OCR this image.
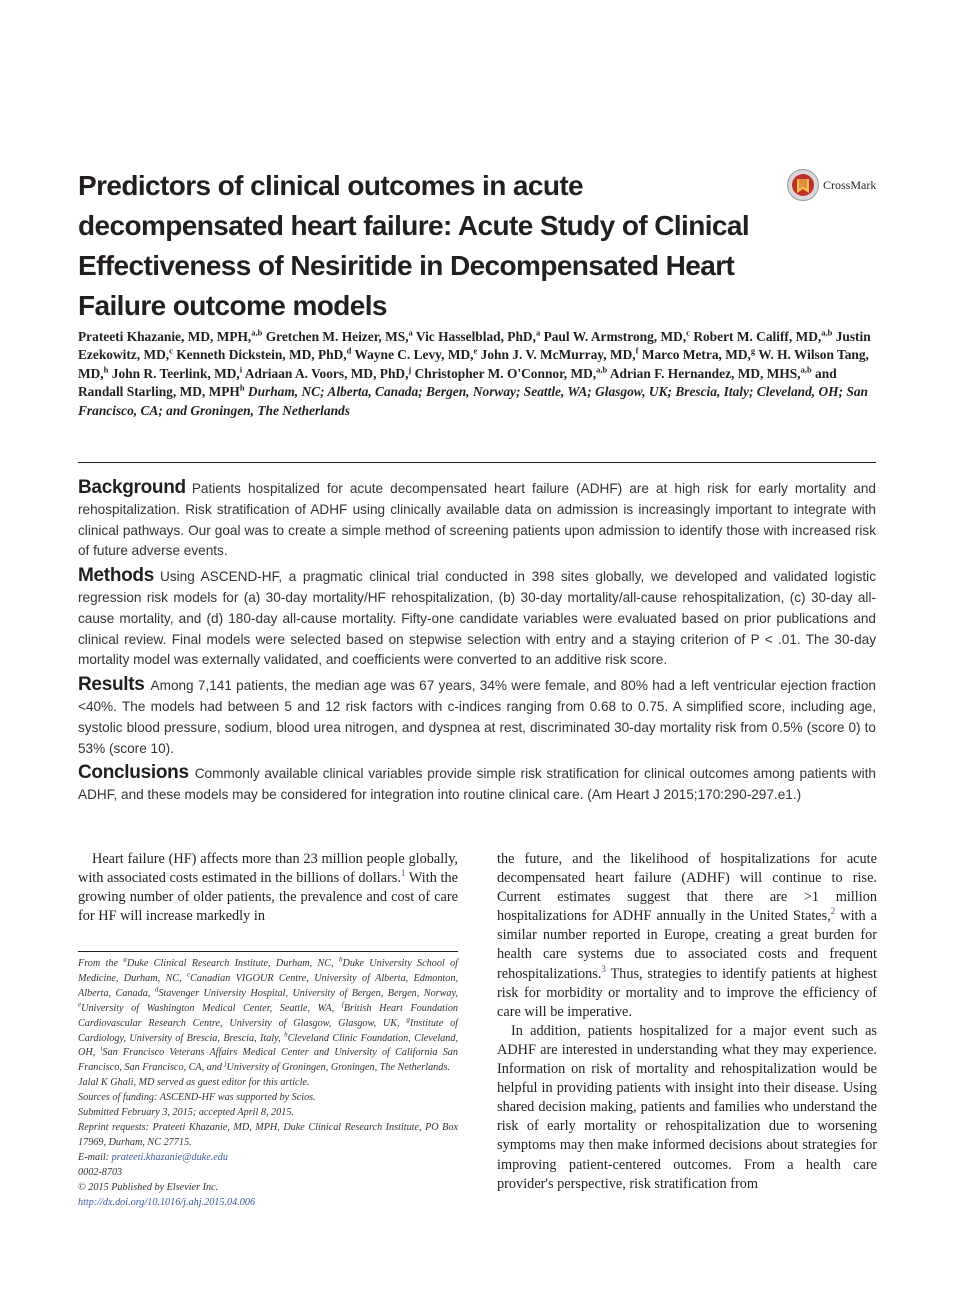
Predictors of clinical outcomes in acute decompensated heart failure: Acute Study of Clinical Effectiveness of Nesiritide in Decompensated Heart Failure outcome models
CrossMark

Prateeti Khazanie, MD, MPH,$^{a,b}$ Gretchen M. Heizer, MS,$^a$ Vic Hasselblad, PhD,$^a$ Paul W. Armstrong, MD,$^c$ Robert M. Califf, MD,$^{a,b}$ Justin Ezekowitz, MD,$^c$ Kenneth Dickstein, MD, PhD,$^d$ Wayne C. Levy, MD,$^e$ John J. V. McMurray, MD,$^f$ Marco Metra, MD,$^g$ W. H. Wilson Tang, MD,$^h$ John R. Teerlink, MD,$^i$ Adriaan A. Voors, MD, PhD,$^j$ Christopher M. O'Connor, MD,$^{a,b}$ Adrian F. Hernandez, MD, MHS,$^{a,b}$ and Randall Starling, MD, MPH$^h$ Durham, NC; Alberta, Canada; Bergen, Norway; Seattle, WA; Glasgow, UK; Brescia, Italy; Cleveland, OH; San Francisco, CA; and Groningen, The Netherlands

Background Patients hospitalized for acute decompensated heart failure (ADHF) are at high risk for early mortality and rehospitalization. Risk stratification of ADHF using clinically available data on admission is increasingly important to integrate with clinical pathways. Our goal was to create a simple method of screening patients upon admission to identify those with increased risk of future adverse events.

Methods Using ASCEND-HF, a pragmatic clinical trial conducted in 398 sites globally, we developed and validated logistic regression risk models for (a) 30-day mortality/HF rehospitalization, (b) 30-day mortality/all-cause rehospitalization, (c) 30-day all-cause mortality, and (d) 180-day all-cause mortality. Fifty-one candidate variables were evaluated based on prior publications and clinical review. Final models were selected based on stepwise selection with entry and a staying criterion of P < .01. The 30-day mortality model was externally validated, and coefficients were converted to an additive risk score.

Results Among 7,141 patients, the median age was 67 years, 34% were female, and 80% had a left ventricular ejection fraction <40%. The models had between 5 and 12 risk factors with c-indices ranging from 0.68 to 0.75. A simplified score, including age, systolic blood pressure, sodium, blood urea nitrogen, and dyspnea at rest, discriminated 30-day mortality risk from 0.5% (score 0) to 53% (score 10).

Conclusions Commonly available clinical variables provide simple risk stratification for clinical outcomes among patients with ADHF, and these models may be considered for integration into routine clinical care. (Am Heart J 2015;170:290-297.e1.)

Heart failure (HF) affects more than 23 million people globally, with associated costs estimated in the billions of dollars.$^1$ With the growing number of older patients, the prevalence and cost of care for HF will increase markedly in

From the $^a$Duke Clinical Research Institute, Durham, NC, $^b$Duke University School of Medicine, Durham, NC, $^c$Canadian VIGOUR Centre, University of Alberta, Edmonton, Alberta, Canada, $^d$Stavenger University Hospital, University of Bergen, Bergen, Norway, $^e$University of Washington Medical Center, Seattle, WA, $^f$British Heart Foundation Cardiovascular Research Centre, University of Glasgow, Glasgow, UK, $^g$Institute of Cardiology, University of Brescia, Brescia, Italy, $^h$Cleveland Clinic Foundation, Cleveland, OH, $^i$San Francisco Veterans Affairs Medical Center and University of California San Francisco, San Francisco, CA, and $^j$University of Groningen, Groningen, The Netherlands.

Jalal K Ghali, MD served as guest editor for this article.

Sources of funding: ASCEND-HF was supported by Scios.

Submitted February 3, 2015; accepted April 8, 2015.

Reprint requests: Prateeti Khazanie, MD, MPH, Duke Clinical Research Institute, PO Box 17969, Durham, NC 27715.

E-mail: prateeti.khazanie@duke.edu

0002-8703

© 2015 Published by Elsevier Inc.

http://dx.doi.org/10.1016/j.ahj.2015.04.006

the future, and the likelihood of hospitalizations for acute decompensated heart failure (ADHF) will continue to rise. Current estimates suggest that there are >1 million hospitalizations for ADHF annually in the United States,$^2$ with a similar number reported in Europe, creating a great burden for health care systems due to associated costs and frequent rehospitalizations.$^3$ Thus, strategies to identify patients at highest risk for morbidity or mortality and to improve the efficiency of care will be imperative.

In addition, patients hospitalized for a major event such as ADHF are interested in understanding what they may experience. Information on risk of mortality and rehospitalization would be helpful in providing patients with insight into their disease. Using shared decision making, patients and families who understand the risk of early mortality or rehospitalization due to worsening symptoms may then make informed decisions about strategies for improving patient-centered outcomes. From a health care provider's perspective, risk stratification from
